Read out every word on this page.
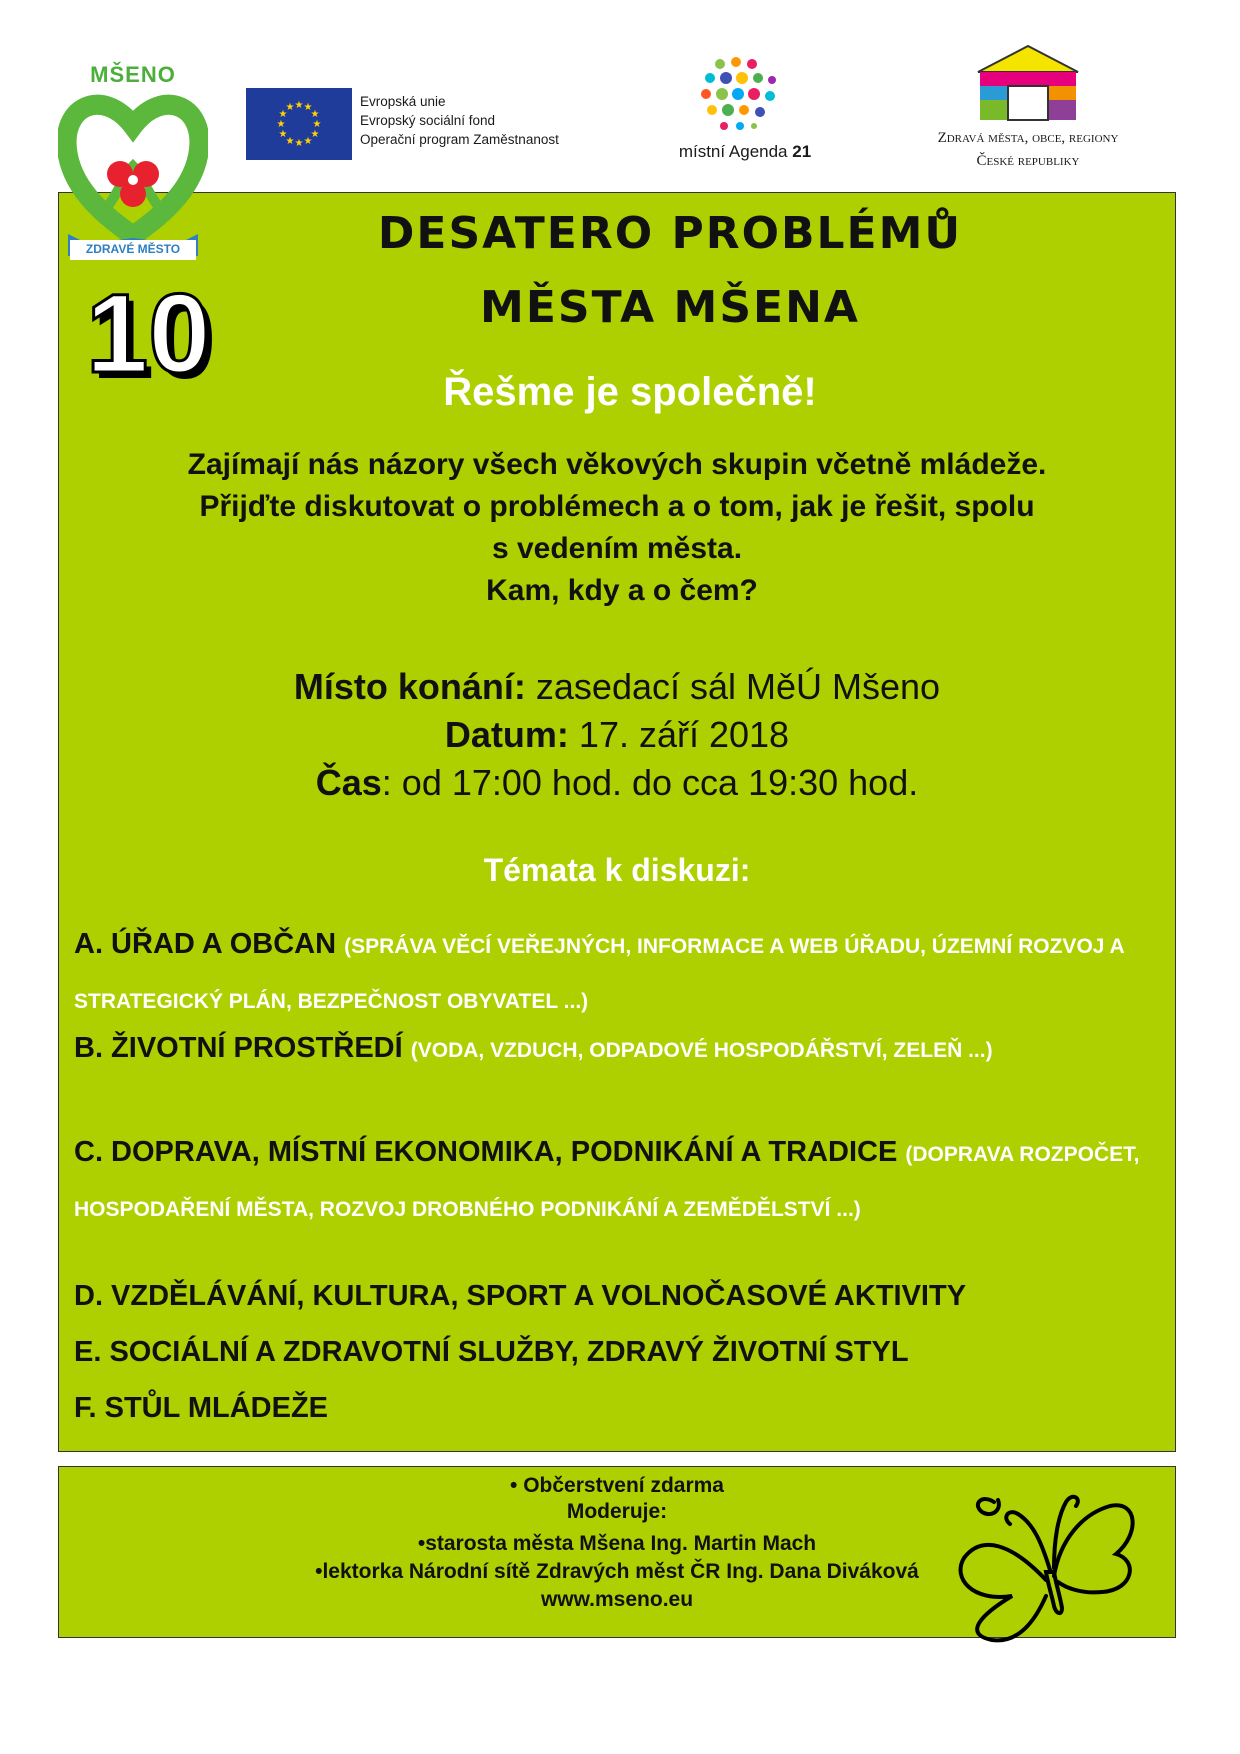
MŠENO
ZDRAVÉ MĚSTO
★ ★
★
★
★
★
★
★
★
★
★
★	Evropská unie
Evropský sociální fond
Operační program Zaměstnanost
místní Agenda 21
Zdravá města, obce, regiony
České republiky
10
DESATERO PROBLÉMŮ
MĚSTA MŠENA
Řešme je společně!
Zajímají nás názory všech věkových skupin včetně mládeže.
Přijďte diskutovat o problémech a o tom, jak je řešit, spolu
s vedením města.
Kam, kdy a o čem?
Místo konání: zasedací sál MěÚ Mšeno
Datum: 17. září 2018
Čas: od 17:00 hod. do cca 19:30 hod.
Témata k diskuzi:
A. ÚŘAD A OBČAN (SPRÁVA VĚCÍ VEŘEJNÝCH, INFORMACE A WEB ÚŘADU, ÚZEMNÍ ROZVOJ A STRATEGICKÝ PLÁN, BEZPEČNOST OBYVATEL ...)
B. ŽIVOTNÍ PROSTŘEDÍ (VODA, VZDUCH, ODPADOVÉ HOSPODÁŘSTVÍ, ZELEŇ ...)
C. DOPRAVA, MÍSTNÍ EKONOMIKA, PODNIKÁNÍ A TRADICE (DOPRAVA ROZPOČET, HOSPODAŘENÍ MĚSTA, ROZVOJ DROBNÉHO PODNIKÁNÍ A ZEMĚDĚLSTVÍ ...)
D. VZDĚLÁVÁNÍ, KULTURA, SPORT A VOLNOČASOVÉ AKTIVITY
E. SOCIÁLNÍ A ZDRAVOTNÍ SLUŽBY, ZDRAVÝ ŽIVOTNÍ STYL
F. STŮL MLÁDEŽE
• Občerstvení zdarma
Moderuje:
•starosta města Mšena Ing. Martin Mach
•lektorka Národní sítě Zdravých měst ČR Ing. Dana Diváková
www.mseno.eu
